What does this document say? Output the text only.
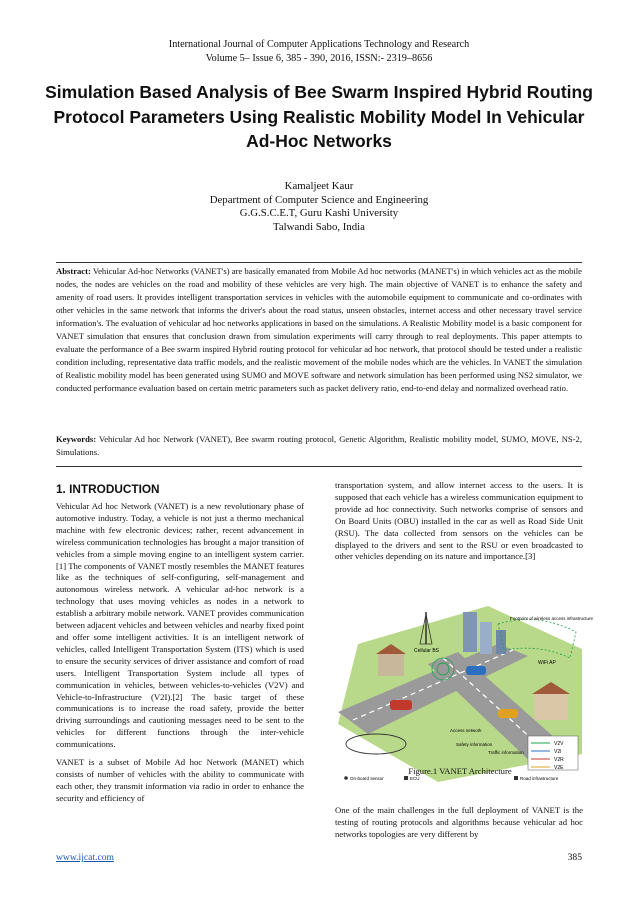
International Journal of Computer Applications Technology and Research
Volume 5– Issue 6, 385 - 390, 2016, ISSN:- 2319–8656
Simulation Based Analysis of Bee Swarm Inspired Hybrid Routing Protocol Parameters Using Realistic Mobility Model In Vehicular Ad-Hoc Networks
Kamaljeet Kaur
Department of Computer Science and Engineering
G.G.S.C.E.T, Guru Kashi University
Talwandi Sabo, India
Abstract: Vehicular Ad-hoc Networks (VANET's) are basically emanated from Mobile Ad hoc networks (MANET's) in which vehicles act as the mobile nodes, the nodes are vehicles on the road and mobility of these vehicles are very high. The main objective of VANET is to enhance the safety and amenity of road users. It provides intelligent transportation services in vehicles with the automobile equipment to communicate and co-ordinates with other vehicles in the same network that informs the driver's about the road status, unseen obstacles, internet access and other necessary travel service information's. The evaluation of vehicular ad hoc networks applications in based on the simulations. A Realistic Mobility model is a basic component for VANET simulation that ensures that conclusion drawn from simulation experiments will carry through to real deployments. This paper attempts to evaluate the performance of a Bee swarm inspired Hybrid routing protocol for vehicular ad hoc network, that protocol should be tested under a realistic condition including, representative data traffic models, and the realistic movement of the mobile nodes which are the vehicles. In VANET the simulation of Realistic mobility model has been generated using SUMO and MOVE software and network simulation has been performed using NS2 simulator, we conducted performance evaluation based on certain metric parameters such as packet delivery ratio, end-to-end delay and normalized overhead ratio.
Keywords: Vehicular Ad hoc Network (VANET), Bee swarm routing protocol, Genetic Algorithm, Realistic mobility model, SUMO, MOVE, NS-2, Simulations.
1. INTRODUCTION

Vehicular Ad hoc Network (VANET) is a new revolutionary phase of automotive industry. Today, a vehicle is not just a thermo mechanical machine with few electronic devices; rather, recent advancement in wireless communication technologies has brought a major transition of vehicles from a simple moving engine to an intelligent system carrier.[1] The components of VANET mostly resembles the MANET features like as the techniques of self-configuring, self-management and autonomous wireless network. A vehicular ad-hoc network is a technology that uses moving vehicles as nodes in a network to establish a arbitrary mobile network. VANET provides communication between adjacent vehicles and between vehicles and nearby fixed point and offer some intelligent activities. It is an intelligent network of vehicles, called Intelligent Transportation System (ITS) which is used to ensure the security services of driver assistance and comfort of road users. Intelligent Transportation System include all types of communication in vehicles, between vehicles-to-vehicles (V2V) and Vehicle-to-Infrastructure (V2I).[2] The basic target of these communications is to increase the road safety, provide the better driving surroundings and cautioning messages need to be sent to the vehicles for different functions through the inter-vehicle communications.

VANET is a subset of Mobile Ad hoc Network (MANET) which consists of number of vehicles with the ability to communicate with each other, they transmit information via radio in order to enhance the security and efficiency of

transportation system, and allow internet access to the users. It is supposed that each vehicle has a wireless communication equipment to provide ad hoc connectivity. Such networks comprise of sensors and On Board Units (OBU) installed in the car as well as Road Side Unit (RSU). The data collected from sensors on the vehicles can be displayed to the drivers and sent to the RSU or even broadcasted to other vehicles depending on its nature and importance.[3]

V2V
V2I
V2R
V2E
Cellular BS
Footprint of wireless access infrastructure
WiFi AP
Access network
Safety information
Traffic information
On-board sensor	ECU	Road infrastructure
Figure.1 VANET Architecture

One of the main challenges in the full deployment of VANET is the testing of routing protocols and algorithms because vehicular ad hoc networks topologies are very different by

www.ijcat.com	385
